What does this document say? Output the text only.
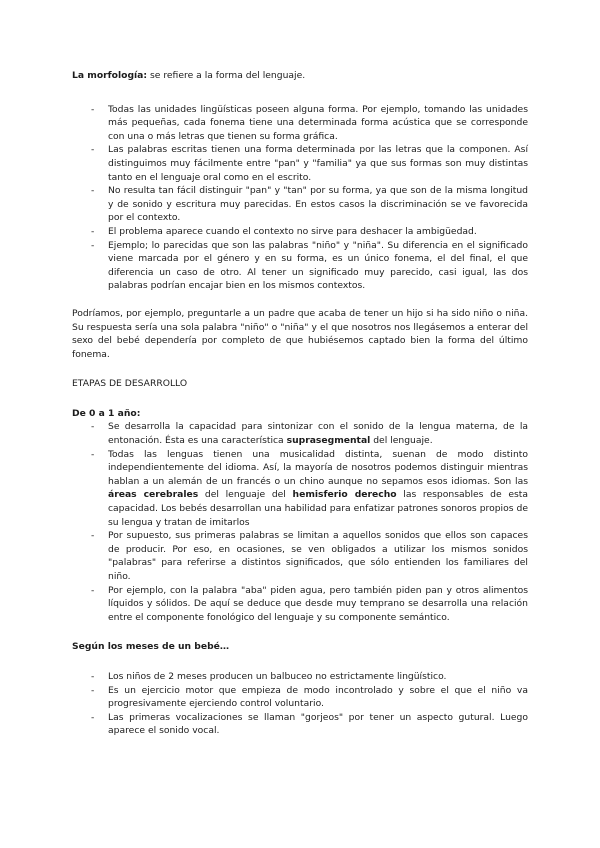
La morfología: se refiere a la forma del lenguaje.

- Todas las unidades lingüísticas poseen alguna forma. Por ejemplo, tomando las unidades más pequeñas, cada fonema tiene una determinada forma acústica que se corresponde con una o más letras que tienen su forma gráfica.
- Las palabras escritas tienen una forma determinada por las letras que la componen. Así distinguimos muy fácilmente entre "pan" y "familia" ya que sus formas son muy distintas tanto en el lenguaje oral como en el escrito.
- No resulta tan fácil distinguir "pan" y "tan" por su forma, ya que son de la misma longitud y de sonido y escritura muy parecidas. En estos casos la discriminación se ve favorecida por el contexto.
- El problema aparece cuando el contexto no sirve para deshacer la ambigüedad.
- Ejemplo; lo parecidas que son las palabras "niño" y "niña". Su diferencia en el significado viene marcada por el género y en su forma, es un único fonema, el del final, el que diferencia un caso de otro. Al tener un significado muy parecido, casi igual, las dos palabras podrían encajar bien en los mismos contextos.

Podríamos, por ejemplo, preguntarle a un padre que acaba de tener un hijo si ha sido niño o niña. Su respuesta sería una sola palabra "niño" o "niña" y el que nosotros nos llegásemos a enterar del sexo del bebé dependería por completo de que hubiésemos captado bien la forma del último fonema.

ETAPAS DE DESARROLLO

De 0 a 1 año:

- Se desarrolla la capacidad para sintonizar con el sonido de la lengua materna, de la entonación. Ésta es una característica suprasegmental del lenguaje.
- Todas las lenguas tienen una musicalidad distinta, suenan de modo distinto independientemente del idioma. Así, la mayoría de nosotros podemos distinguir mientras hablan a un alemán de un francés o un chino aunque no sepamos esos idiomas. Son las áreas cerebrales del lenguaje del hemisferio derecho las responsables de esta capacidad. Los bebés desarrollan una habilidad para enfatizar patrones sonoros propios de su lengua y tratan de imitarlos
- Por supuesto, sus primeras palabras se limitan a aquellos sonidos que ellos son capaces de producir. Por eso, en ocasiones, se ven obligados a utilizar los mismos sonidos "palabras" para referirse a distintos significados, que sólo entienden los familiares del niño.
- Por ejemplo, con la palabra "aba" piden agua, pero también piden pan y otros alimentos líquidos y sólidos. De aquí se deduce que desde muy temprano se desarrolla una relación entre el componente fonológico del lenguaje y su componente semántico.

Según los meses de un bebé…

- Los niños de 2 meses producen un balbuceo no estrictamente lingüístico.
- Es un ejercicio motor que empieza de modo incontrolado y sobre el que el niño va progresivamente ejerciendo control voluntario.
- Las primeras vocalizaciones se llaman "gorjeos" por tener un aspecto gutural. Luego aparece el sonido vocal.
